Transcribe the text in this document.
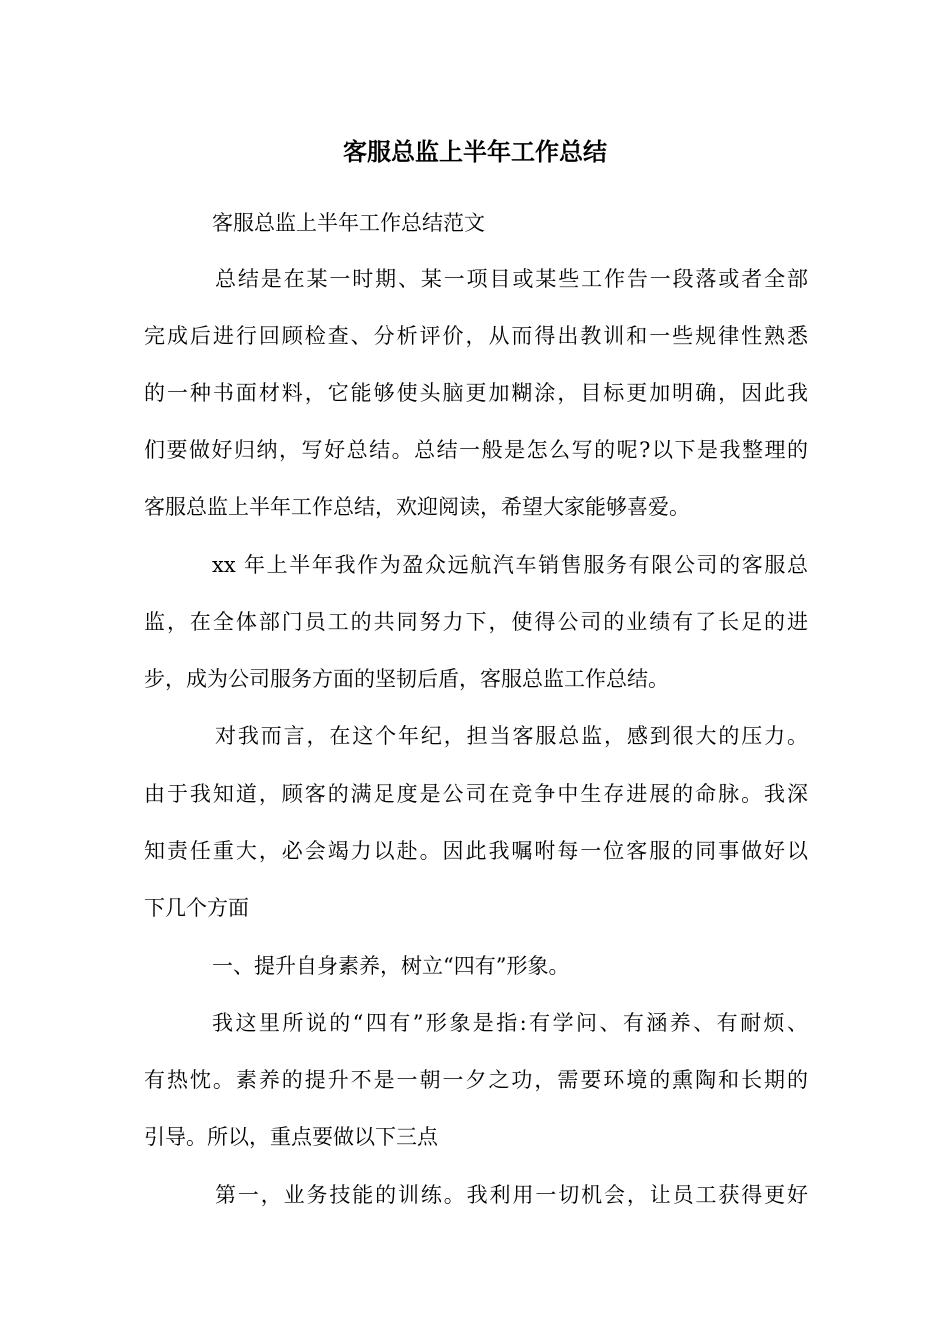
客服总监上半年工作总结
客服总监上半年工作总结范文
总结是在某一时期、某一项目或某些工作告一段落或者全部
完成后进行回顾检查、分析评价，从而得出教训和一些规律性熟悉
的一种书面材料，它能够使头脑更加糊涂，目标更加明确，因此我
们要做好归纳，写好总结。总结一般是怎么写的呢?以下是我整理的
客服总监上半年工作总结，欢迎阅读，希望大家能够喜爱。
xx 年上半年我作为盈众远航汽车销售服务有限公司的客服总
监，在全体部门员工的共同努力下，使得公司的业绩有了长足的进
步，成为公司服务方面的坚韧后盾，客服总监工作总结。
对我而言，在这个年纪，担当客服总监，感到很大的压力。
由于我知道，顾客的满足度是公司在竞争中生存进展的命脉。我深
知责任重大，必会竭力以赴。因此我嘱咐每一位客服的同事做好以
下几个方面
一、提升自身素养，树立“四有”形象。
我这里所说的“四有”形象是指:有学问、有涵养、有耐烦、
有热忱。素养的提升不是一朝一夕之功，需要环境的熏陶和长期的
引导。所以，重点要做以下三点
第一，业务技能的训练。我利用一切机会，让员工获得更好
